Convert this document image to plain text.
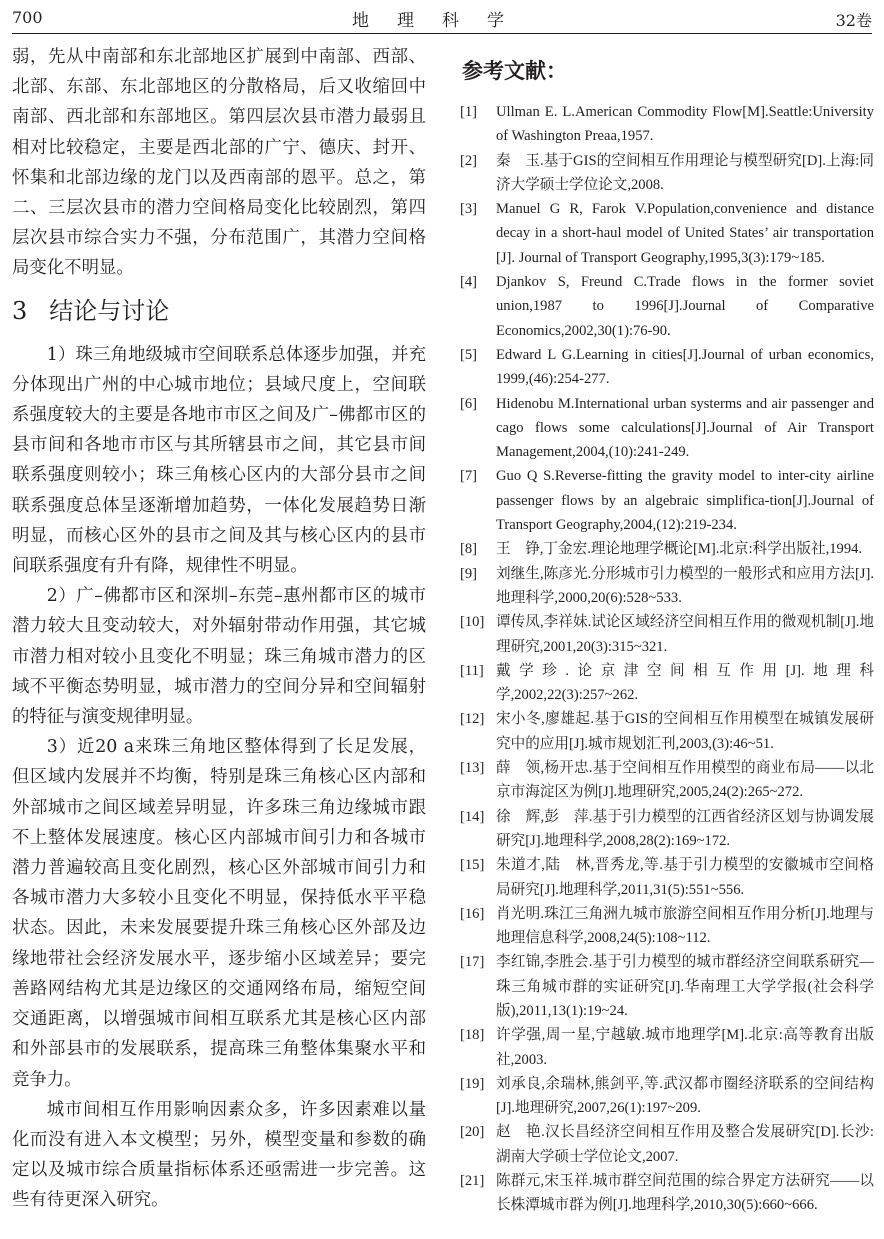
700	地理科学	32卷

弱，先从中南部和东北部地区扩展到中南部、西部、北部、东部、东北部地区的分散格局，后又收缩回中南部、西北部和东部地区。第四层次县市潜力最弱且相对比较稳定，主要是西北部的广宁、德庆、封开、怀集和北部边缘的龙门以及西南部的恩平。总之，第二、三层次县市的潜力空间格局变化比较剧烈，第四层次县市综合实力不强，分布范围广，其潜力空间格局变化不明显。

3 结论与讨论

1）珠三角地级城市空间联系总体逐步加强，并充分体现出广州的中心城市地位；县域尺度上，空间联系强度较大的主要是各地市市区之间及广–佛都市区的县市间和各地市市区与其所辖县市之间，其它县市间联系强度则较小；珠三角核心区内的大部分县市之间联系强度总体呈逐渐增加趋势，一体化发展趋势日渐明显，而核心区外的县市之间及其与核心区内的县市间联系强度有升有降，规律性不明显。

2）广–佛都市区和深圳–东莞–惠州都市区的城市潜力较大且变动较大，对外辐射带动作用强，其它城市潜力相对较小且变化不明显；珠三角城市潜力的区域不平衡态势明显，城市潜力的空间分异和空间辐射的特征与演变规律明显。

3）近20 a来珠三角地区整体得到了长足发展，但区域内发展并不均衡，特别是珠三角核心区内部和外部城市之间区域差异明显，许多珠三角边缘城市跟不上整体发展速度。核心区内部城市间引力和各城市潜力普遍较高且变化剧烈，核心区外部城市间引力和各城市潜力大多较小且变化不明显，保持低水平平稳状态。因此，未来发展要提升珠三角核心区外部及边缘地带社会经济发展水平，逐步缩小区域差异；要完善路网结构尤其是边缘区的交通网络布局，缩短空间交通距离，以增强城市间相互联系尤其是核心区内部和外部县市的发展联系，提高珠三角整体集聚水平和竞争力。

城市间相互作用影响因素众多，许多因素难以量化而没有进入本文模型；另外，模型变量和参数的确定以及城市综合质量指标体系还亟需进一步完善。这些有待更深入研究。

参考文献：
[1] Ullman E. L.American Commodity Flow[M].Seattle:University of Washington Preaa,1957.
[2] 秦　玉.基于GIS的空间相互作用理论与模型研究[D].上海:同济大学硕士学位论文,2008.
[3] Manuel G R, Farok V.Population,convenience and distance decay in a short-haul model of United States’ air transportation [J]. Journal of Transport Geography,1995,3(3):179~185.
[4] Djankov S, Freund C.Trade flows in the former soviet union,1987 to 1996[J].Journal of Comparative Economics,2002,30(1):76-90.
[5] Edward L G.Learning in cities[J].Journal of urban economics, 1999,(46):254-277.
[6] Hidenobu M.International urban systerms and air passenger and cago flows some calculations[J].Journal of Air Transport Management,2004,(10):241-249.
[7] Guo Q S.Reverse-fitting the gravity model to inter-city airline passenger flows by an algebraic simplifica-tion[J].Journal of Transport Geography,2004,(12):219-234.
[8] 王　铮,丁金宏.理论地理学概论[M].北京:科学出版社,1994.
[9] 刘继生,陈彦光.分形城市引力模型的一般形式和应用方法[J].地理科学,2000,20(6):528~533.
[10] 谭传凤,李祥妹.试论区域经济空间相互作用的微观机制[J].地理研究,2001,20(3):315~321.
[11] 戴学珍.论京津空间相互作用[J].地理科学,2002,22(3):257~262.
[12] 宋小冬,廖雄起.基于GIS的空间相互作用模型在城镇发展研究中的应用[J].城市规划汇刊,2003,(3):46~51.
[13] 薛　领,杨开忠.基于空间相互作用模型的商业布局——以北京市海淀区为例[J].地理研究,2005,24(2):265~272.
[14] 徐　辉,彭　萍.基于引力模型的江西省经济区划与协调发展研究[J].地理科学,2008,28(2):169~172.
[15] 朱道才,陆　林,晋秀龙,等.基于引力模型的安徽城市空间格局研究[J].地理科学,2011,31(5):551~556.
[16] 肖光明.珠江三角洲九城市旅游空间相互作用分析[J].地理与地理信息科学,2008,24(5):108~112.
[17] 李红锦,李胜会.基于引力模型的城市群经济空间联系研究—珠三角城市群的实证研究[J].华南理工大学学报(社会科学版),2011,13(1):19~24.
[18] 许学强,周一星,宁越敏.城市地理学[M].北京:高等教育出版社,2003.
[19] 刘承良,余瑞林,熊剑平,等.武汉都市圈经济联系的空间结构[J].地理研究,2007,26(1):197~209.
[20] 赵　艳.汉长昌经济空间相互作用及整合发展研究[D].长沙:湖南大学硕士学位论文,2007.
[21] 陈群元,宋玉祥.城市群空间范围的综合界定方法研究——以长株潭城市群为例[J].地理科学,2010,30(5):660~666.
